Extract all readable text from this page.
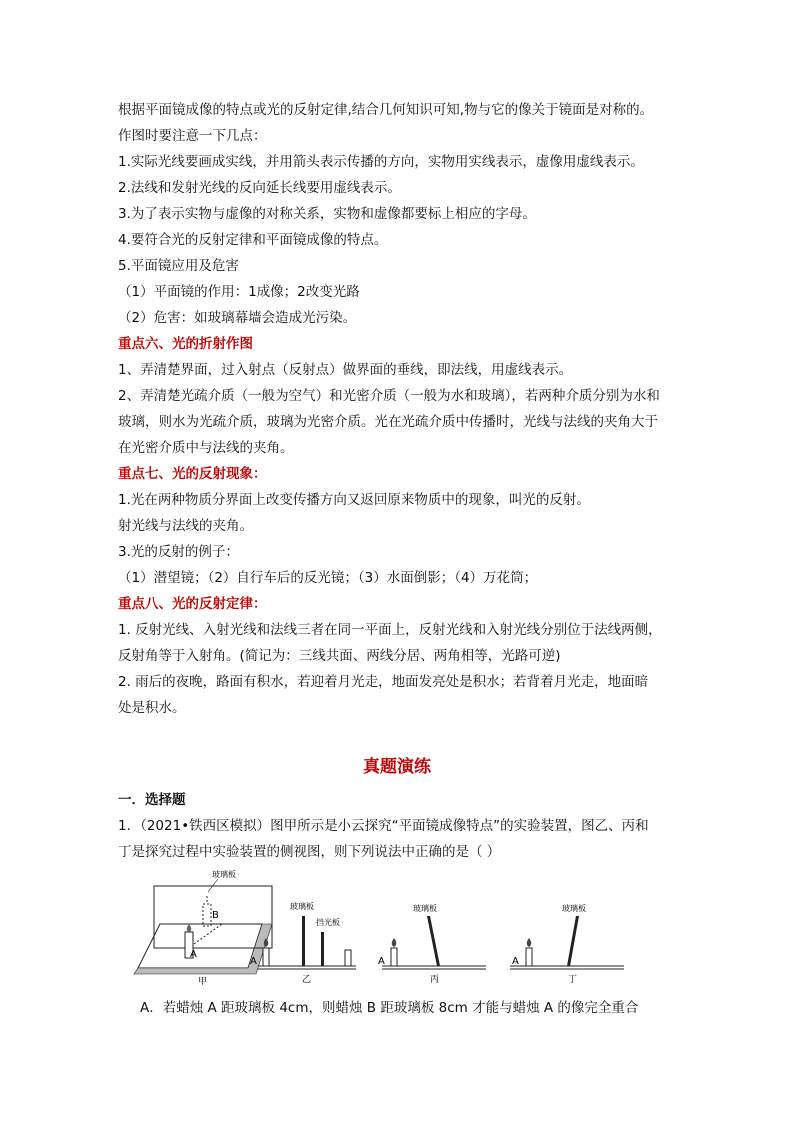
根据平面镜成像的特点或光的反射定律,结合几何知识可知,物与它的像关于镜面是对称的。
作图时要注意一下几点：
1.实际光线要画成实线，并用箭头表示传播的方向，实物用实线表示，虚像用虚线表示。
2.法线和发射光线的反向延长线要用虚线表示。
3.为了表示实物与虚像的对称关系，实物和虚像都要标上相应的字母。
4.要符合光的反射定律和平面镜成像的特点。
5.平面镜应用及危害
（1）平面镜的作用：1成像；2改变光路
（2）危害：如玻璃幕墙会造成光污染。
重点六、光的折射作图
1、弄清楚界面，过入射点（反射点）做界面的垂线，即法线，用虚线表示。
2、弄清楚光疏介质（一般为空气）和光密介质（一般为水和玻璃），若两种介质分别为水和
玻璃，则水为光疏介质，玻璃为光密介质。光在光疏介质中传播时，光线与法线的夹角大于
在光密介质中与法线的夹角。
重点七、光的反射现象：
1.光在两种物质分界面上改变传播方向又返回原来物质中的现象，叫光的反射。
射光线与法线的夹角。
3.光的反射的例子：
（1）潜望镜；（2）自行车后的反光镜；（3）水面倒影；（4）万花筒；
重点八、光的反射定律：
1. 反射光线、入射光线和法线三者在同一平面上，反射光线和入射光线分别位于法线两侧，
反射角等于入射角。(简记为：三线共面、两线分居、两角相等，光路可逆)
2. 雨后的夜晚，路面有积水，若迎着月光走，地面发亮处是积水；若背着月光走，地面暗
处是积水。
真题演练
一．选择题
1．（2021•铁西区模拟）图甲所示是小云探究“平面镜成像特点”的实验装置，图乙、丙和
丁是探究过程中实验装置的侧视图，则下列说法中正确的是（ ）
A
B
玻璃板
甲
A
玻璃板
挡光板
乙
A
玻璃板
丙
A
玻璃板
丁
A．若蜡烛 A 距玻璃板 4cm，则蜡烛 B 距玻璃板 8cm 才能与蜡烛 A 的像完全重合
